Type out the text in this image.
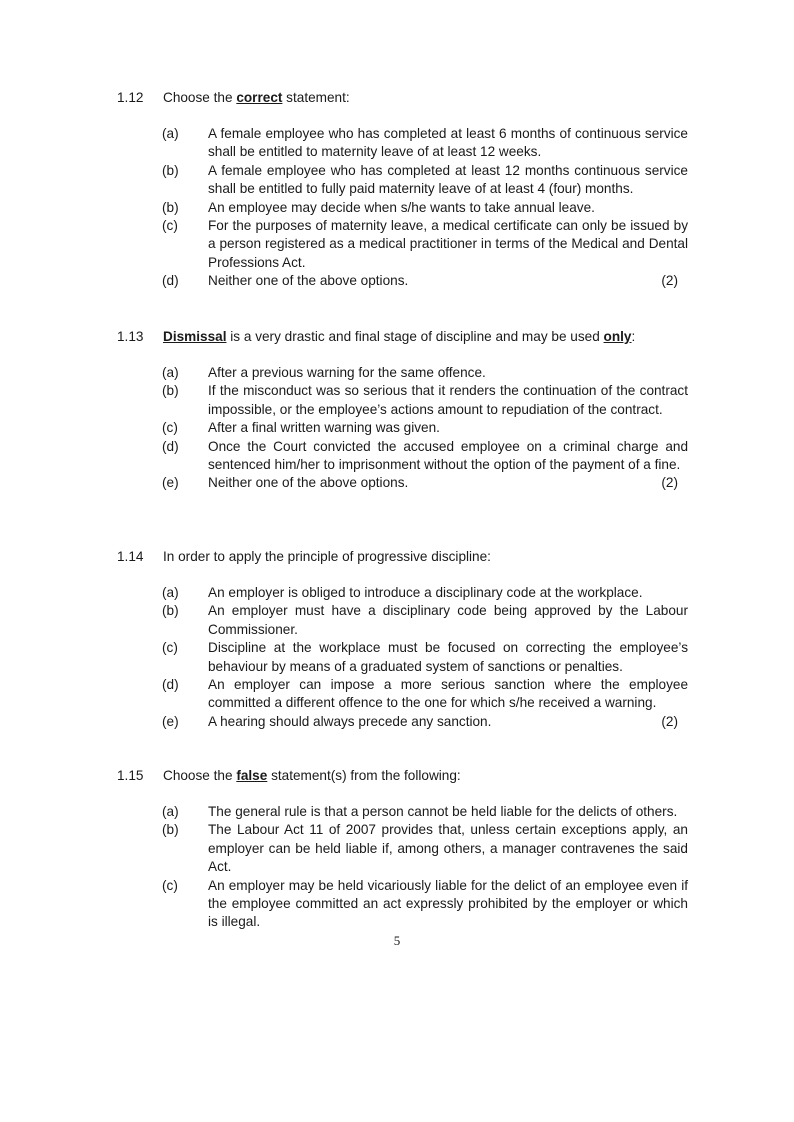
1.12 Choose the correct statement:
(a) A female employee who has completed at least 6 months of continuous service shall be entitled to maternity leave of at least 12 weeks.
(b) A female employee who has completed at least 12 months continuous service shall be entitled to fully paid maternity leave of at least 4 (four) months.
(b) An employee may decide when s/he wants to take annual leave.
(c) For the purposes of maternity leave, a medical certificate can only be issued by a person registered as a medical practitioner in terms of the Medical and Dental Professions Act.
(d) Neither one of the above options.	(2)
1.13 Dismissal is a very drastic and final stage of discipline and may be used only:
(a) After a previous warning for the same offence.
(b) If the misconduct was so serious that it renders the continuation of the contract impossible, or the employee’s actions amount to repudiation of the contract.
(c) After a final written warning was given.
(d) Once the Court convicted the accused employee on a criminal charge and sentenced him/her to imprisonment without the option of the payment of a fine.
(e) Neither one of the above options.	(2)
1.14 In order to apply the principle of progressive discipline:
(a) An employer is obliged to introduce a disciplinary code at the workplace.
(b) An employer must have a disciplinary code being approved by the Labour Commissioner.
(c) Discipline at the workplace must be focused on correcting the employee’s behaviour by means of a graduated system of sanctions or penalties.
(d) An employer can impose a more serious sanction where the employee committed a different offence to the one for which s/he received a warning.
(e) A hearing should always precede any sanction.	(2)
1.15 Choose the false statement(s) from the following:
(a) The general rule is that a person cannot be held liable for the delicts of others.
(b) The Labour Act 11 of 2007 provides that, unless certain exceptions apply, an employer can be held liable if, among others, a manager contravenes the said Act.
(c) An employer may be held vicariously liable for the delict of an employee even if the employee committed an act expressly prohibited by the employer or which is illegal.
5
